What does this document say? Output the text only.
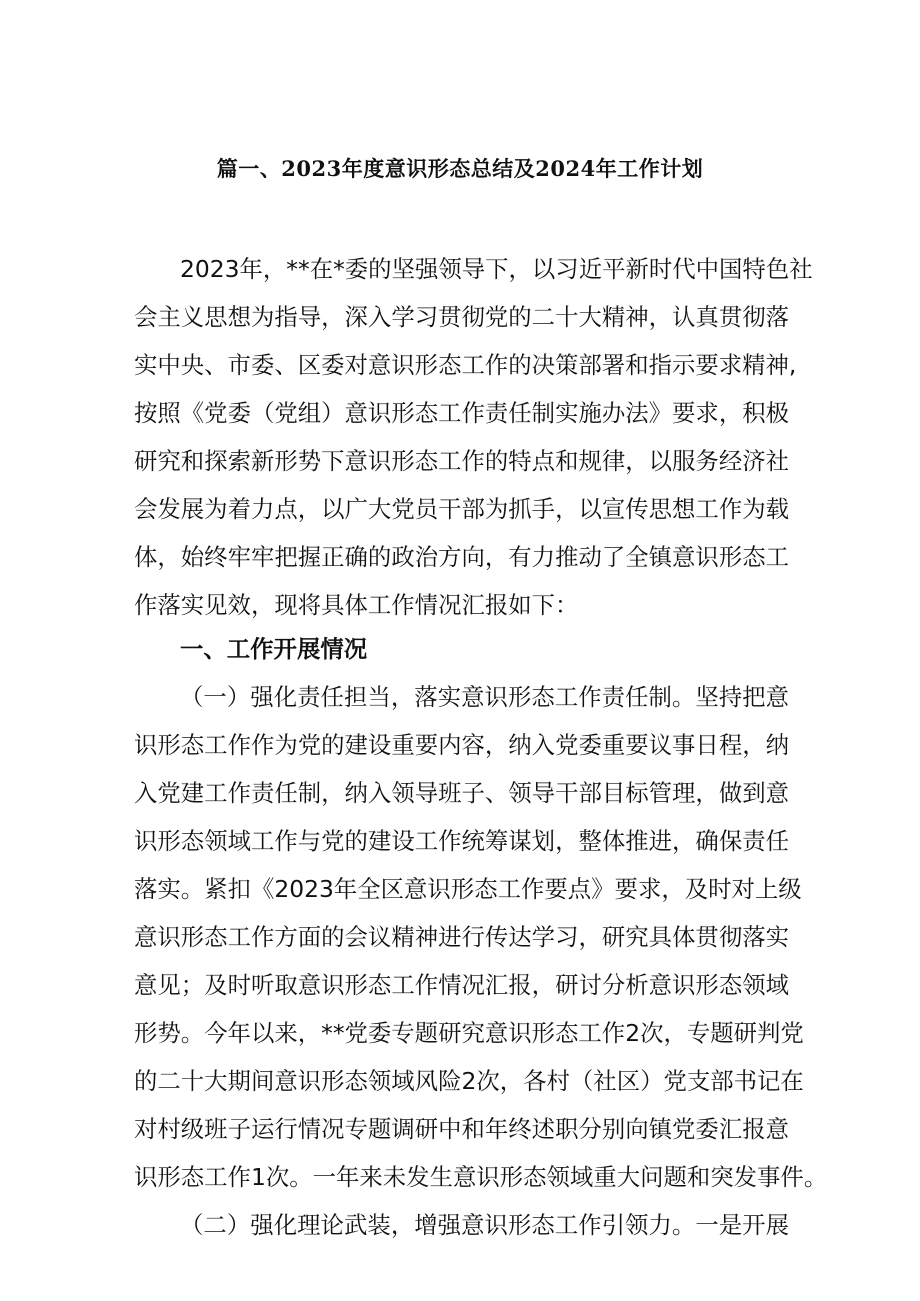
篇一、2023年度意识形态总结及2024年工作计划
2023年，**在*委的坚强领导下，以习近平新时代中国特色社
会主义思想为指导，深入学习贯彻党的二十大精神，认真贯彻落
实中央、市委、区委对意识形态工作的决策部署和指示要求精神,
按照《党委（党组）意识形态工作责任制实施办法》要求，积极
研究和探索新形势下意识形态工作的特点和规律，以服务经济社
会发展为着力点，以广大党员干部为抓手，以宣传思想工作为载
体，始终牢牢把握正确的政治方向，有力推动了全镇意识形态工
作落实见效，现将具体工作情况汇报如下：
一、工作开展情况
（一）强化责任担当，落实意识形态工作责任制。坚持把意
识形态工作作为党的建设重要内容，纳入党委重要议事日程，纳
入党建工作责任制，纳入领导班子、领导干部目标管理，做到意
识形态领域工作与党的建设工作统筹谋划，整体推进，确保责任
落实。紧扣《2023年全区意识形态工作要点》要求，及时对上级
意识形态工作方面的会议精神进行传达学习，研究具体贯彻落实
意见；及时听取意识形态工作情况汇报，研讨分析意识形态领域
形势。今年以来，**党委专题研究意识形态工作2次，专题研判党
的二十大期间意识形态领域风险2次，各村（社区）党支部书记在
对村级班子运行情况专题调研中和年终述职分别向镇党委汇报意
识形态工作1次。一年来未发生意识形态领域重大问题和突发事件。
（二）强化理论武装，增强意识形态工作引领力。一是开展
